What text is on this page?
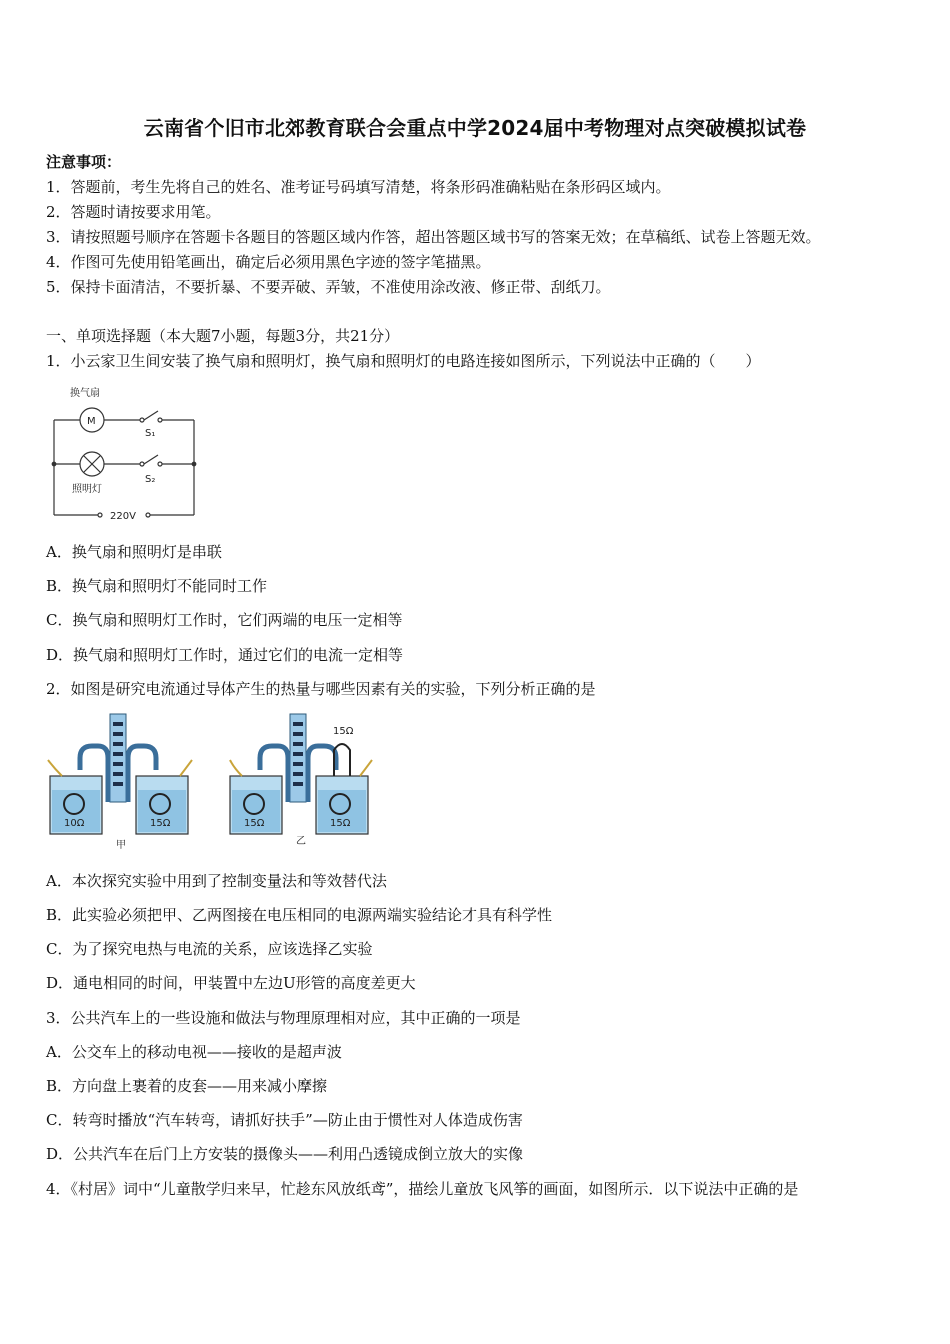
云南省个旧市北郊教育联合会重点中学2024届中考物理对点突破模拟试卷
注意事项：
1．答题前，考生先将自己的姓名、准考证号码填写清楚，将条形码准确粘贴在条形码区域内。
2．答题时请按要求用笔。
3．请按照题号顺序在答题卡各题目的答题区域内作答，超出答题区域书写的答案无效；在草稿纸、试卷上答题无效。
4．作图可先使用铅笔画出，确定后必须用黑色字迹的签字笔描黑。
5．保持卡面清洁，不要折暴、不要弄破、弄皱，不准使用涂改液、修正带、刮纸刀。
一、单项选择题（本大题7小题，每题3分，共21分）
1．小云家卫生间安装了换气扇和照明灯，换气扇和照明灯的电路连接如图所示，下列说法中正确的（　　）
换气扇
M
S₁
照明灯
S₂
220V
A．换气扇和照明灯是串联
B．换气扇和照明灯不能同时工作
C．换气扇和照明灯工作时，它们两端的电压一定相等
D．换气扇和照明灯工作时，通过它们的电流一定相等
2．如图是研究电流通过导体产生的热量与哪些因素有关的实验，下列分析正确的是
10Ω	15Ω
甲
15Ω	15Ω
15Ω
乙
A．本次探究实验中用到了控制变量法和等效替代法
B．此实验必须把甲、乙两图接在电压相同的电源两端实验结论才具有科学性
C．为了探究电热与电流的关系，应该选择乙实验
D．通电相同的时间，甲装置中左边U形管的高度差更大
3．公共汽车上的一些设施和做法与物理原理相对应，其中正确的一项是
A．公交车上的移动电视——接收的是超声波
B．方向盘上裹着的皮套——用来减小摩擦
C．转弯时播放“汽车转弯，请抓好扶手”—防止由于惯性对人体造成伤害
D．公共汽车在后门上方安装的摄像头——利用凸透镜成倒立放大的实像
4．《村居》词中“儿童散学归来早，忙趁东风放纸鸢”，描绘儿童放飞风筝的画面，如图所示．以下说法中正确的是
